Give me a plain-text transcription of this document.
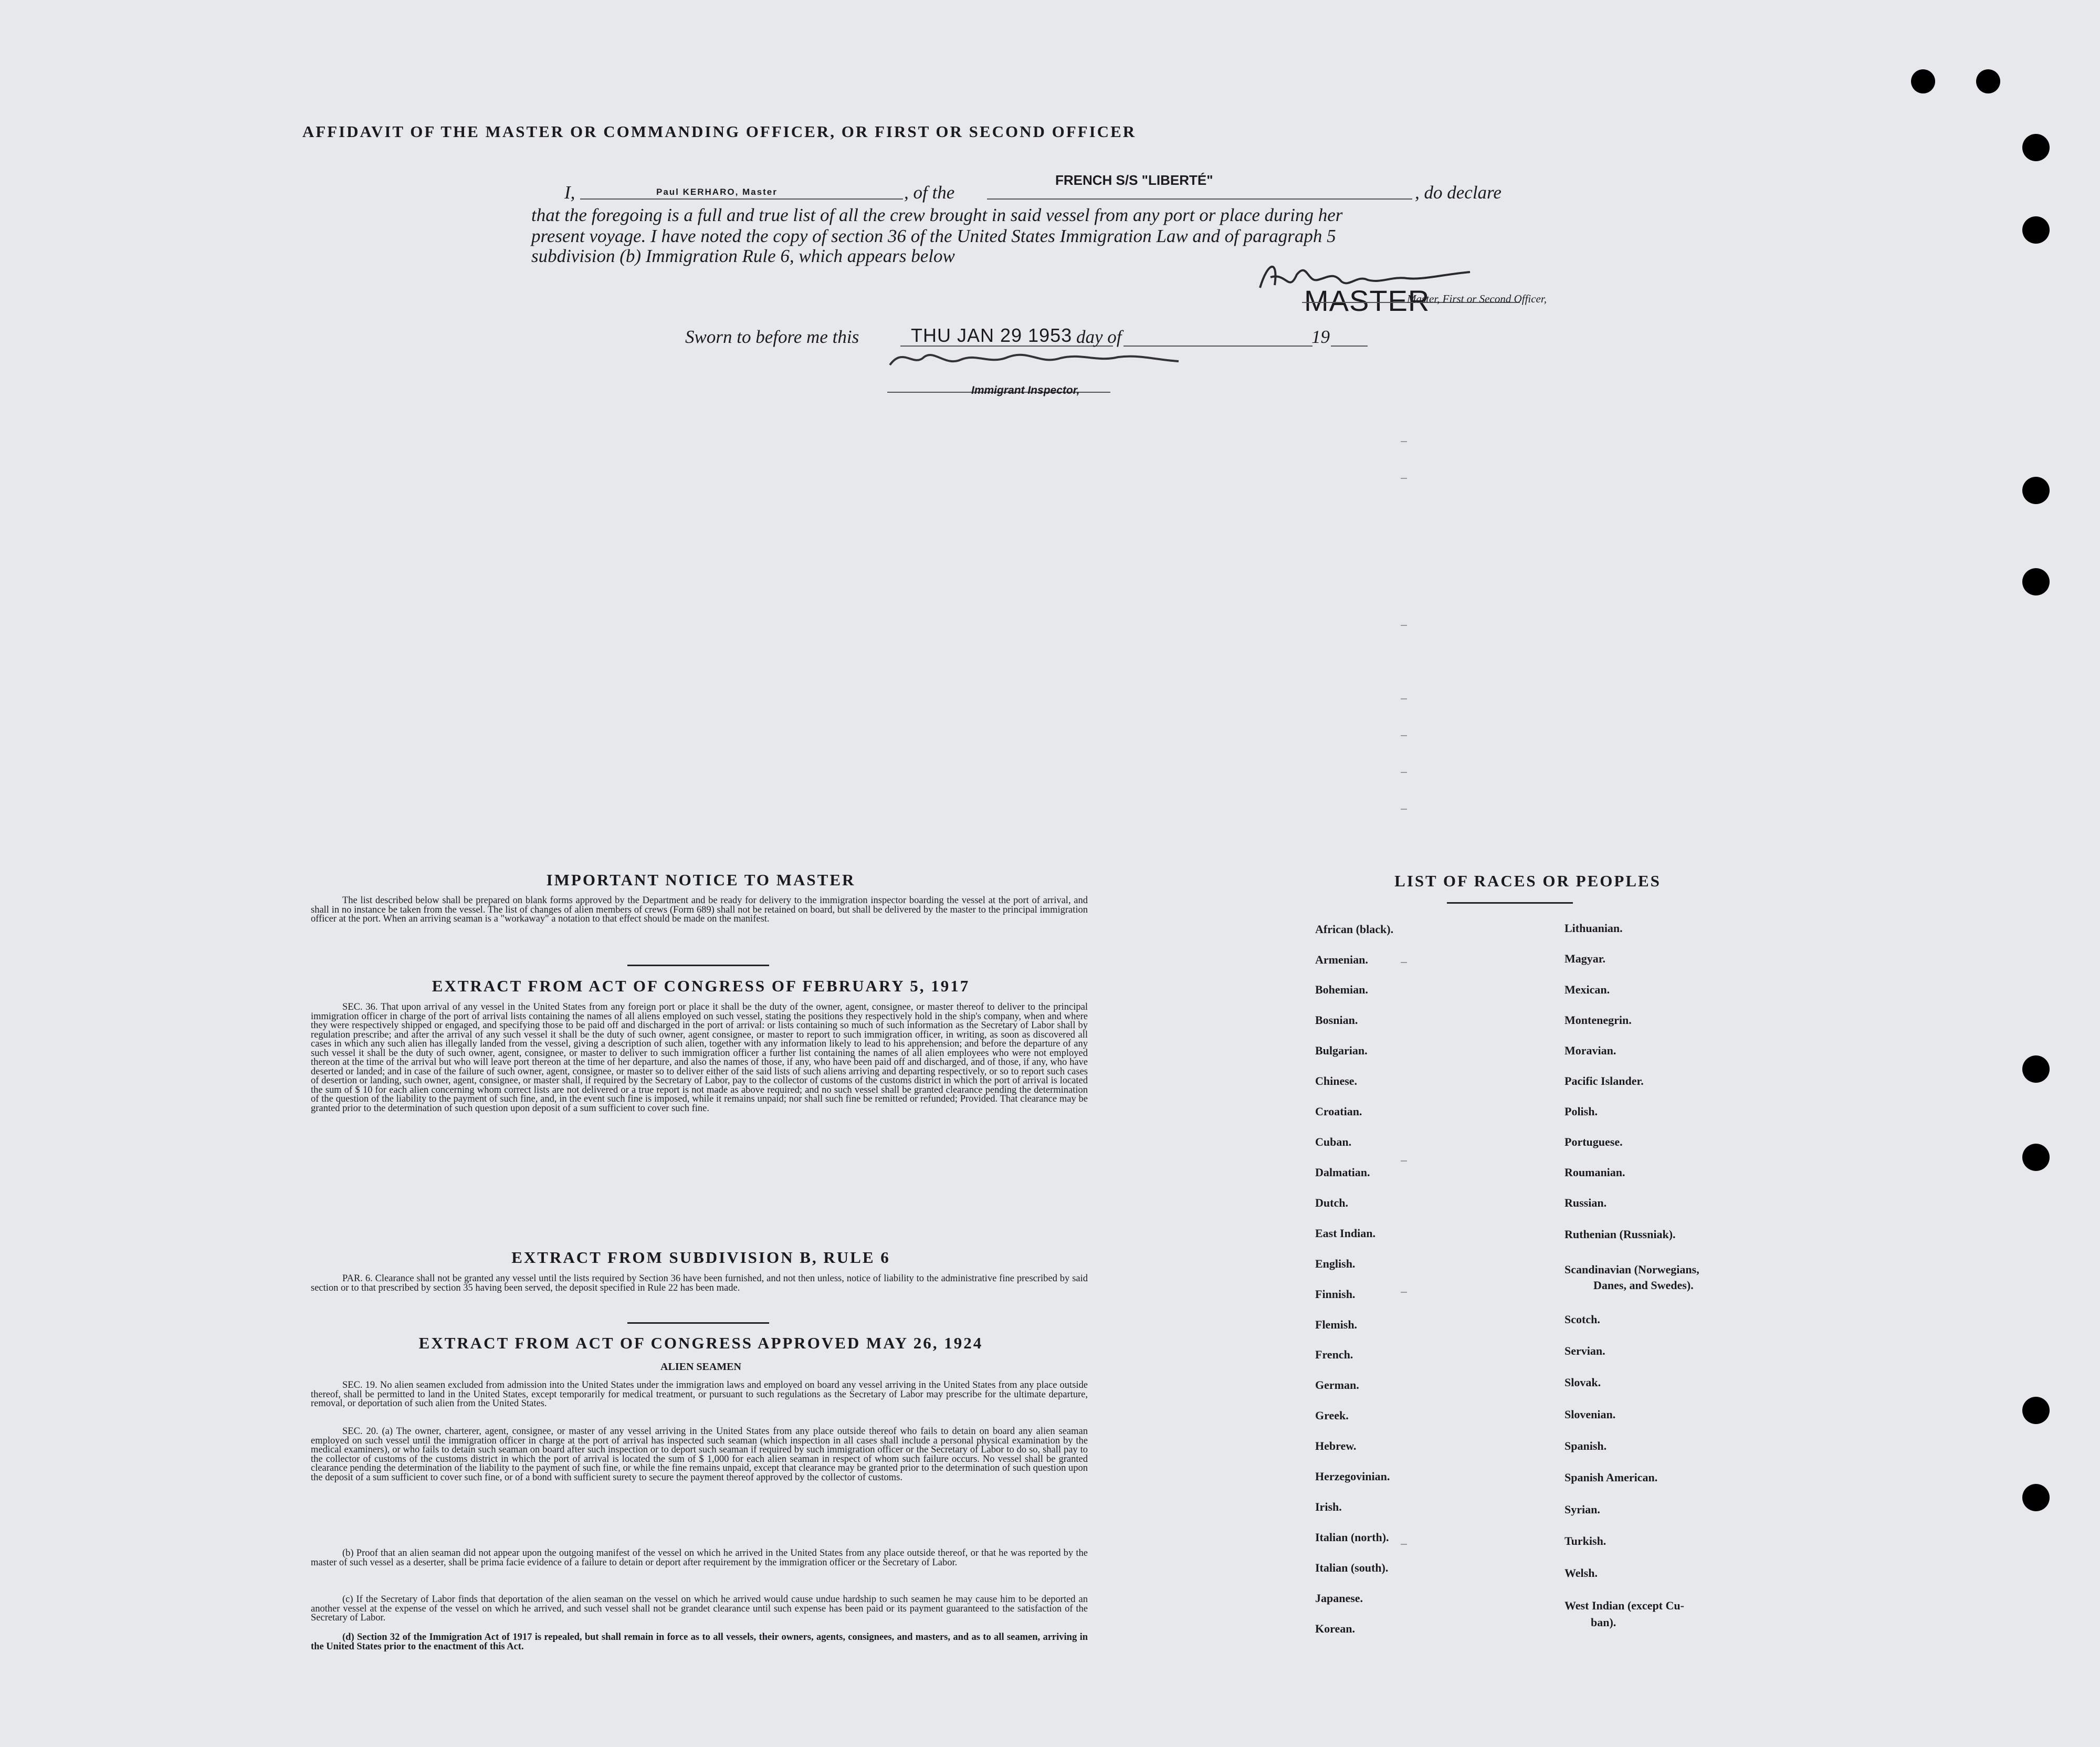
AFFIDAVIT OF THE MASTER OR COMMANDING OFFICER, OR FIRST OR SECOND OFFICER
I,	Paul KERHARO, Master	, of the
FRENCH S/S "LIBERTÉ"
, do declare
that the foregoing is a full and true list of all the crew brought in said vessel from any port or place during her
present voyage. I have noted the copy of section 36 of the United States Immigration Law and of paragraph 5
subdivision (b) Immigration Rule 6, which appears below
MASTER
Master, First or Second Officer,
Sworn to before me this	THU JAN 29 1953 day of	19
Immigrant Inspector,
IMPORTANT NOTICE TO MASTER
The list described below shall be prepared on blank forms approved by the Department and be ready for delivery to the immigration inspector boarding the vessel at the port of arrival, and shall in no instance be taken from the vessel. The list of changes of alien members of crews (Form 689) shall not be retained on board, but shall be delivered by the master to the principal immigration officer at the port. When an arriving seaman is a "workaway" a notation to that effect should be made on the manifest.
EXTRACT FROM ACT OF CONGRESS OF FEBRUARY 5, 1917
SEC. 36. That upon arrival of any vessel in the United States from any foreign port or place it shall be the duty of the owner, agent, consignee, or master thereof to deliver to the principal immigration officer in charge of the port of arrival lists containing the names of all aliens employed on such vessel, stating the positions they respectively hold in the ship's company, when and where they were respectively shipped or engaged, and specifying those to be paid off and discharged in the port of arrival: or lists containing so much of such information as the Secretary of Labor shall by regulation prescribe; and after the arrival of any such vessel it shall be the duty of such owner, agent consignee, or master to report to such immigration officer, in writing, as soon as discovered all cases in which any such alien has illegally landed from the vessel, giving a description of such alien, together with any information likely to lead to his apprehension; and before the departure of any such vessel it shall be the duty of such owner, agent, consignee, or master to deliver to such immigration officer a further list containing the names of all alien employees who were not employed thereon at the time of the arrival but who will leave port thereon at the time of her departure, and also the names of those, if any, who have been paid off and discharged, and of those, if any, who have deserted or landed; and in case of the failure of such owner, agent, consignee, or master so to deliver either of the said lists of such aliens arriving and departing respectively, or so to report such cases of desertion or landing, such owner, agent, consignee, or master shall, if required by the Secretary of Labor, pay to the collector of customs of the customs district in which the port of arrival is located the sum of $ 10 for each alien concerning whom correct lists are not delivered or a true report is not made as above required; and no such vessel shall be granted clearance pending the determination of the question of the liability to the payment of such fine, and, in the event such fine is imposed, while it remains unpaid; nor shall such fine be remitted or refunded; Provided. That clearance may be granted prior to the determination of such question upon deposit of a sum sufficient to cover such fine.
EXTRACT FROM SUBDIVISION B, RULE 6
PAR. 6. Clearance shall not be granted any vessel until the lists required by Section 36 have been furnished, and not then unless, notice of liability to the administrative fine prescribed by said section or to that prescribed by section 35 having been served, the deposit specified in Rule 22 has been made.
EXTRACT FROM ACT OF CONGRESS APPROVED MAY 26, 1924
ALIEN SEAMEN
SEC. 19. No alien seamen excluded from admission into the United States under the immigration laws and employed on board any vessel arriving in the United States from any place outside thereof, shall be permitted to land in the United States, except temporarily for medical treatment, or pursuant to such regulations as the Secretary of Labor may prescribe for the ultimate departure, removal, or deportation of such alien from the United States.
SEC. 20. (a) The owner, charterer, agent, consignee, or master of any vessel arriving in the United States from any place outside thereof who fails to detain on board any alien seaman employed on such vessel until the immigration officer in charge at the port of arrival has inspected such seaman (which inspection in all cases shall include a personal physical examination by the medical examiners), or who fails to detain such seaman on board after such inspection or to deport such seaman if required by such immigration officer or the Secretary of Labor to do so, shall pay to the collector of customs of the customs district in which the port of arrival is located the sum of $ 1,000 for each alien seaman in respect of whom such failure occurs. No vessel shall be granted clearance pending the determination of the liability to the payment of such fine, or while the fine remains unpaid, except that clearance may be granted prior to the determination of such question upon the deposit of a sum sufficient to cover such fine, or of a bond with sufficient surety to secure the payment thereof approved by the collector of customs.
(b) Proof that an alien seaman did not appear upon the outgoing manifest of the vessel on which he arrived in the United States from any place outside thereof, or that he was reported by the master of such vessel as a deserter, shall be prima facie evidence of a failure to detain or deport after requirement by the immigration officer or the Secretary of Labor.
(c) If the Secretary of Labor finds that deportation of the alien seaman on the vessel on which he arrived would cause undue hardship to such seamen he may cause him to be deported an another vessel at the expense of the vessel on which he arrived, and such vessel shall not be grandet clearance until such expense has been paid or its payment guaranteed to the satisfaction of the Secretary of Labor.
(d) Section 32 of the Immigration Act of 1917 is repealed, but shall remain in force as to all vessels, their owners, agents, consignees, and masters, and as to all seamen, arriving in the United States prior to the enactment of this Act.
LIST OF RACES OR PEOPLES
African (black).
Armenian.
Bohemian.
Bosnian.
Bulgarian.
Chinese.
Croatian.
Cuban.
Dalmatian.
Dutch.
East Indian.
English.
Finnish.
Flemish.
French.
German.
Greek.
Hebrew.
Herzegovinian.
Irish.
Italian (north).
Italian (south).
Japanese.
Korean.
Lithuanian.
Magyar.
Mexican.
Montenegrin.
Moravian.
Pacific Islander.
Polish.
Portuguese.
Roumanian.
Russian.
Ruthenian (Russniak).
Scandinavian (Norwegians,
Danes, and Swedes).
Scotch.
Servian.
Slovak.
Slovenian.
Spanish.
Spanish American.
Syrian.
Turkish.
Welsh.
West Indian (except Cu-
ban).
